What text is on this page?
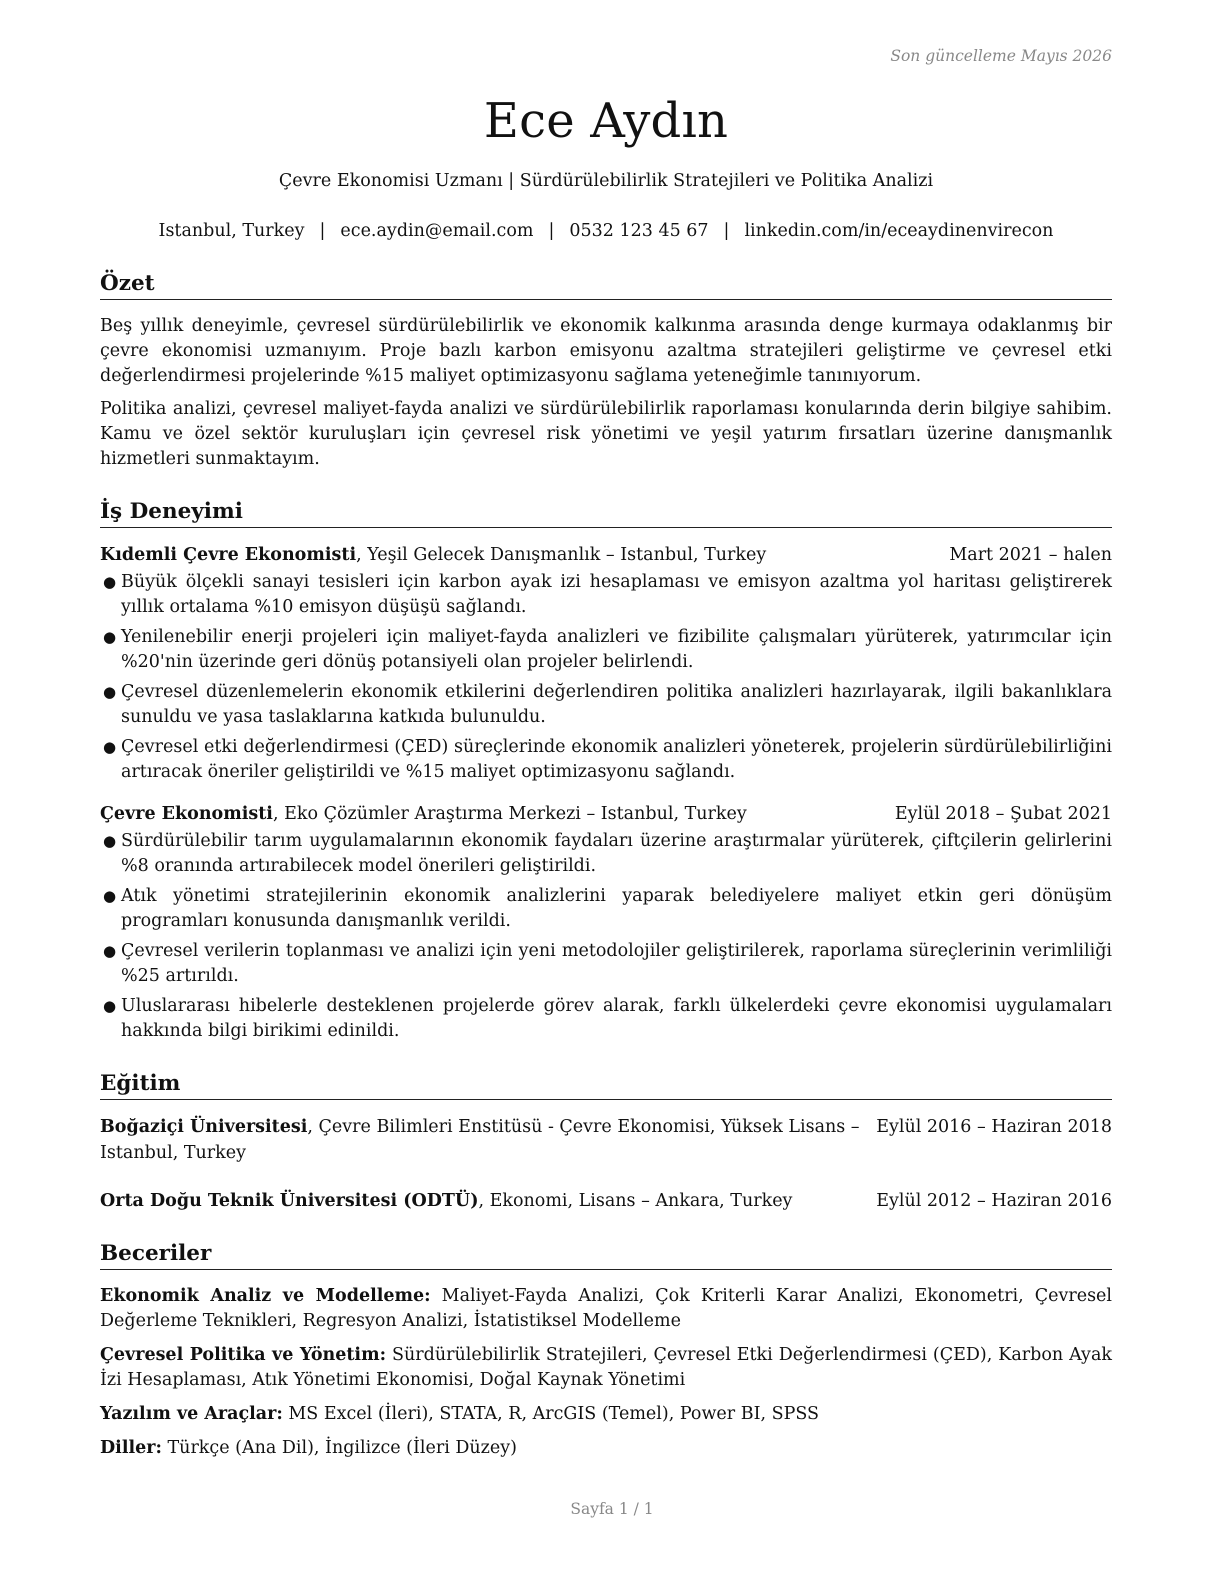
Son güncelleme Mayıs 2026
Ece Aydın
Çevre Ekonomisi Uzmanı | Sürdürülebilirlik Stratejileri ve Politika Analizi
Istanbul, Turkey | ece.aydin@email.com | 0532 123 45 67 | linkedin.com/in/eceaydinenvirecon
Özet

Beş yıllık deneyimle, çevresel sürdürülebilirlik ve ekonomik kalkınma arasında denge kurmaya odaklanmış bir çevre ekonomisi uzmanıyım. Proje bazlı karbon emisyonu azaltma stratejileri geliştirme ve çevresel etki değerlendirmesi projelerinde %15 maliyet optimizasyonu sağlama yeteneğimle tanınıyorum.

Politika analizi, çevresel maliyet-fayda analizi ve sürdürülebilirlik raporlaması konularında derin bilgiye sahibim. Kamu ve özel sektör kuruluşları için çevresel risk yönetimi ve yeşil yatırım fırsatları üzerine danışmanlık hizmetleri sunmaktayım.

İş Deneyimi
Kıdemli Çevre Ekonomisti, Yeşil Gelecek Danışmanlık – Istanbul, Turkey	Mart 2021 – halen
● Büyük ölçekli sanayi tesisleri için karbon ayak izi hesaplaması ve emisyon azaltma yol haritası geliştirerek yıllık ortalama %10 emisyon düşüşü sağlandı.
● Yenilenebilir enerji projeleri için maliyet-fayda analizleri ve fizibilite çalışmaları yürüterek, yatırımcılar için %20'nin üzerinde geri dönüş potansiyeli olan projeler belirlendi.
● Çevresel düzenlemelerin ekonomik etkilerini değerlendiren politika analizleri hazırlayarak, ilgili bakanlıklara sunuldu ve yasa taslaklarına katkıda bulunuldu.
● Çevresel etki değerlendirmesi (ÇED) süreçlerinde ekonomik analizleri yöneterek, projelerin sürdürülebilirliğini artıracak öneriler geliştirildi ve %15 maliyet optimizasyonu sağlandı.
Çevre Ekonomisti, Eko Çözümler Araştırma Merkezi – Istanbul, Turkey	Eylül 2018 – Şubat 2021
● Sürdürülebilir tarım uygulamalarının ekonomik faydaları üzerine araştırmalar yürüterek, çiftçilerin gelirlerini %8 oranında artırabilecek model önerileri geliştirildi.
● Atık yönetimi stratejilerinin ekonomik analizlerini yaparak belediyelere maliyet etkin geri dönüşüm programları konusunda danışmanlık verildi.
● Çevresel verilerin toplanması ve analizi için yeni metodolojiler geliştirilerek, raporlama süreçlerinin verimliliği %25 artırıldı.
● Uluslararası hibelerle desteklenen projelerde görev alarak, farklı ülkelerdeki çevre ekonomisi uygulamaları hakkında bilgi birikimi edinildi.
Eğitim
Boğaziçi Üniversitesi, Çevre Bilimleri Enstitüsü - Çevre Ekonomisi, Yüksek Lisans – Istanbul, Turkey
Eylül 2016 – Haziran 2018
Orta Doğu Teknik Üniversitesi (ODTÜ), Ekonomi, Lisans – Ankara, Turkey	Eylül 2012 – Haziran 2016
Beceriler
Ekonomik Analiz ve Modelleme: Maliyet-Fayda Analizi, Çok Kriterli Karar Analizi, Ekonometri, Çevresel Değerleme Teknikleri, Regresyon Analizi, İstatistiksel Modelleme
Çevresel Politika ve Yönetim: Sürdürülebilirlik Stratejileri, Çevresel Etki Değerlendirmesi (ÇED), Karbon Ayak İzi Hesaplaması, Atık Yönetimi Ekonomisi, Doğal Kaynak Yönetimi
Yazılım ve Araçlar: MS Excel (İleri), STATA, R, ArcGIS (Temel), Power BI, SPSS
Diller: Türkçe (Ana Dil), İngilizce (İleri Düzey)
Sayfa 1 / 1
